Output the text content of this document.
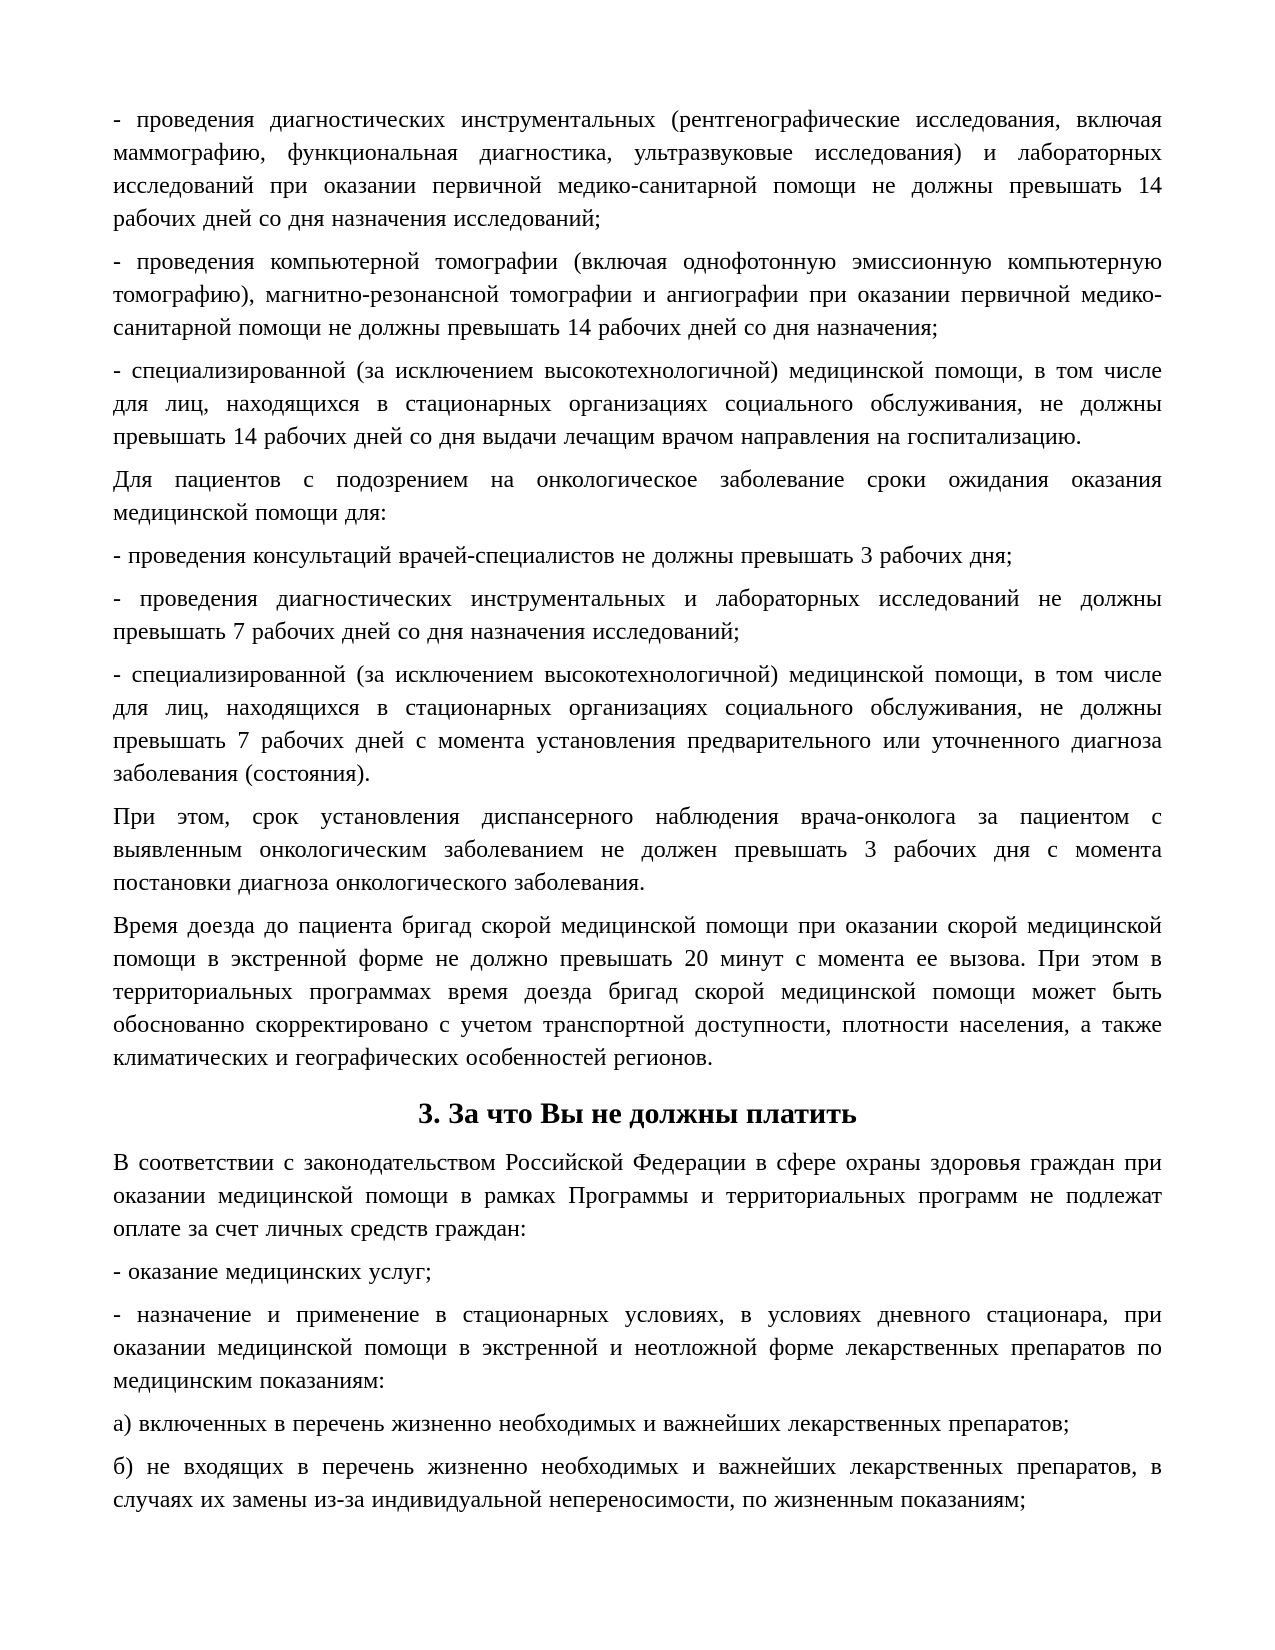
- проведения диагностических инструментальных (рентгенографические исследования, включая маммографию, функциональная диагностика, ультразвуковые исследования) и лабораторных исследований при оказании первичной медико-санитарной помощи не должны превышать 14 рабочих дней со дня назначения исследований;

- проведения компьютерной томографии (включая однофотонную эмиссионную компьютерную томографию), магнитно-резонансной томографии и ангиографии при оказании первичной медико-санитарной помощи не должны превышать 14 рабочих дней со дня назначения;

- специализированной (за исключением высокотехнологичной) медицинской помощи, в том числе для лиц, находящихся в стационарных организациях социального обслуживания, не должны превышать 14 рабочих дней со дня выдачи лечащим врачом направления на госпитализацию.

Для пациентов с подозрением на онкологическое заболевание сроки ожидания оказания медицинской помощи для:

- проведения консультаций врачей-специалистов не должны превышать 3 рабочих дня;

- проведения диагностических инструментальных и лабораторных исследований не должны превышать 7 рабочих дней со дня назначения исследований;

- специализированной (за исключением высокотехнологичной) медицинской помощи, в том числе для лиц, находящихся в стационарных организациях социального обслуживания, не должны превышать 7 рабочих дней с момента установления предварительного или уточненного диагноза заболевания (состояния).

При этом, срок установления диспансерного наблюдения врача-онколога за пациентом с выявленным онкологическим заболеванием не должен превышать 3 рабочих дня с момента постановки диагноза онкологического заболевания.

Время доезда до пациента бригад скорой медицинской помощи при оказании скорой медицинской помощи в экстренной форме не должно превышать 20 минут с момента ее вызова. При этом в территориальных программах время доезда бригад скорой медицинской помощи может быть обоснованно скорректировано с учетом транспортной доступности, плотности населения, а также климатических и географических особенностей регионов.

3. За что Вы не должны платить

В соответствии с законодательством Российской Федерации в сфере охраны здоровья граждан при оказании медицинской помощи в рамках Программы и территориальных программ не подлежат оплате за счет личных средств граждан:

- оказание медицинских услуг;

- назначение и применение в стационарных условиях, в условиях дневного стационара, при оказании медицинской помощи в экстренной и неотложной форме лекарственных препаратов по медицинским показаниям:

а) включенных в перечень жизненно необходимых и важнейших лекарственных препаратов;

б) не входящих в перечень жизненно необходимых и важнейших лекарственных препаратов, в случаях их замены из-за индивидуальной непереносимости, по жизненным показаниям;
